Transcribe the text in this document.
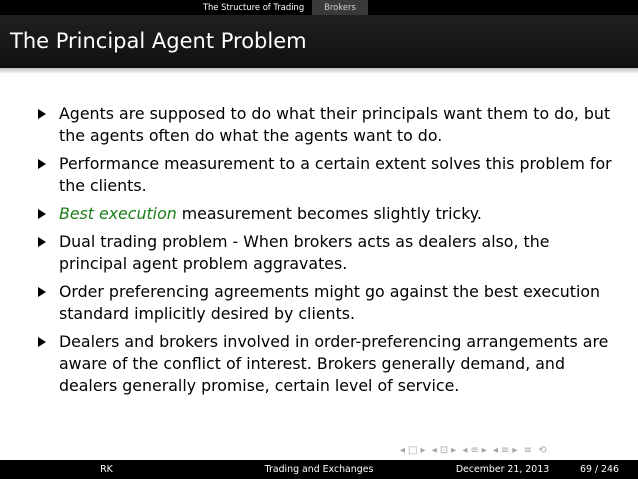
The Structure of Trading	Brokers
The Principal Agent Problem
Agents are supposed to do what their principals want them to do, but the agents often do what the agents want to do.
Performance measurement to a certain extent solves this problem for the clients.
Best execution measurement becomes slightly tricky.
Dual trading problem - When brokers acts as dealers also, the principal agent problem aggravates.
Order preferencing agreements might go against the best execution standard implicitly desired by clients.
Dealers and brokers involved in order-preferencing arrangements are aware of the conflict of interest. Brokers generally demand, and dealers generally promise, certain level of service.
◂ □ ▸ ◂ ⊡ ▸ ◂ ≡ ▸ ◂ ≡ ▸ ≡ ⟲
RK	Trading and Exchanges	December 21, 2013	69 / 246
